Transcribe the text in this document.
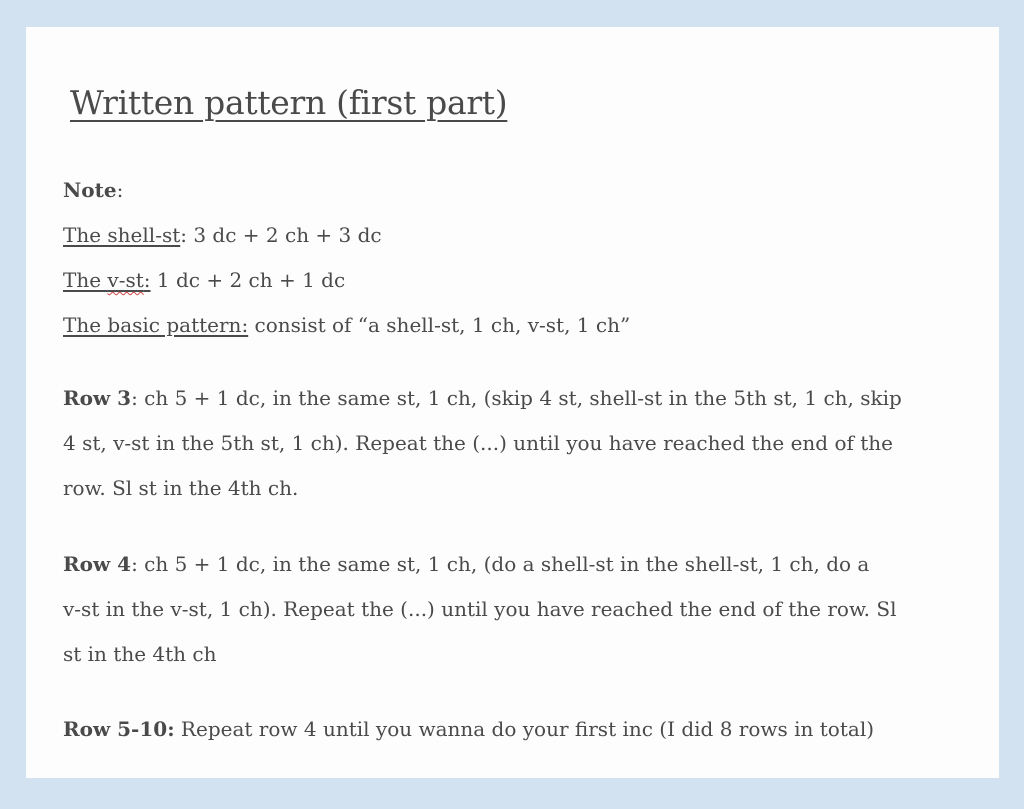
Written pattern (first part)
Note:
The shell-st: 3 dc + 2 ch + 3 dc
The v-st: 1 dc + 2 ch + 1 dc
The basic pattern: consist of “a shell-st, 1 ch, v-st, 1 ch”
Row 3: ch 5 + 1 dc, in the same st, 1 ch, (skip 4 st, shell-st in the 5th st, 1 ch, skip
4 st, v-st in the 5th st, 1 ch). Repeat the (...) until you have reached the end of the
row. Sl st in the 4th ch.
Row 4: ch 5 + 1 dc, in the same st, 1 ch, (do a shell-st in the shell-st, 1 ch, do a
v-st in the v-st, 1 ch). Repeat the (...) until you have reached the end of the row. Sl
st in the 4th ch
Row 5-10: Repeat row 4 until you wanna do your first inc (I did 8 rows in total)
